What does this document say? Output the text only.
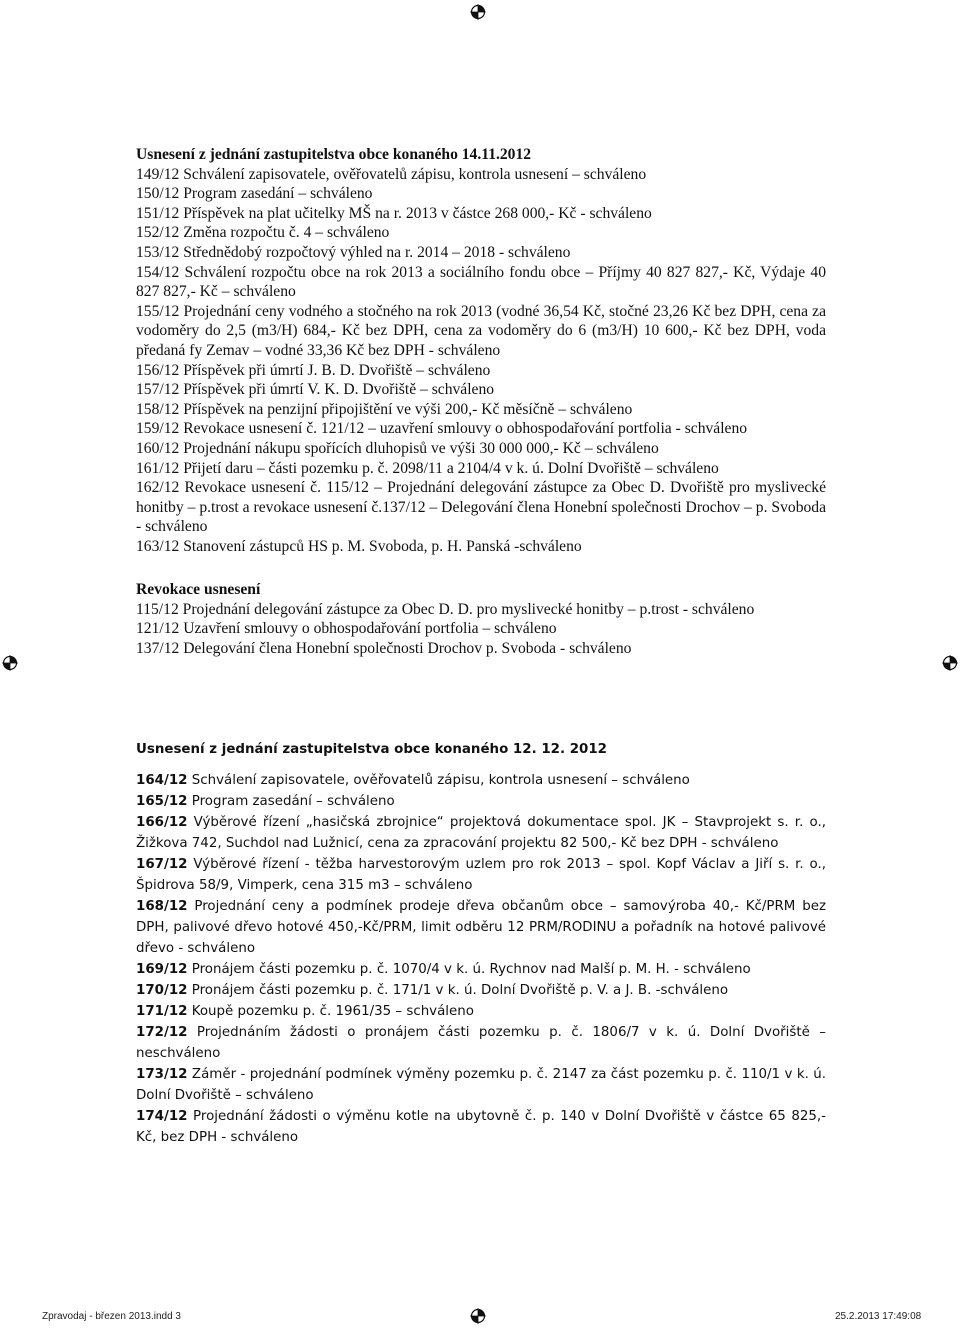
Usnesení z jednání zastupitelstva obce konaného 14.11.2012
149/12 Schválení zapisovatele, ověřovatelů zápisu, kontrola usnesení – schváleno
150/12 Program zasedání – schváleno
151/12 Příspěvek na plat učitelky MŠ na r. 2013 v částce 268 000,- Kč - schváleno
152/12 Změna rozpočtu č. 4 – schváleno
153/12 Střednědobý rozpočtový výhled na r. 2014 – 2018 - schváleno
154/12 Schválení rozpočtu obce na rok 2013 a sociálního fondu obce – Příjmy 40 827 827,- Kč, Výdaje 40 827 827,- Kč – schváleno
155/12 Projednání ceny vodného a stočného na rok 2013 (vodné 36,54 Kč, stočné 23,26 Kč bez DPH, cena za vodoměry do 2,5 (m3/H) 684,- Kč bez DPH, cena za vodoměry do 6 (m3/H) 10 600,- Kč bez DPH, voda předaná fy Zemav – vodné 33,36 Kč bez DPH - schváleno
156/12 Příspěvek při úmrtí J. B. D. Dvořiště – schváleno
157/12 Příspěvek při úmrtí V. K. D. Dvořiště – schváleno
158/12 Příspěvek na penzijní připojištění ve výši 200,- Kč měsíčně – schváleno
159/12 Revokace usnesení č. 121/12 – uzavření smlouvy o obhospodařování portfolia - schváleno
160/12 Projednání nákupu spořících dluhopisů ve výši 30 000 000,- Kč – schváleno
161/12 Přijetí daru – části pozemku p. č. 2098/11 a 2104/4 v k. ú. Dolní Dvořiště – schváleno
162/12 Revokace usnesení č. 115/12 – Projednání delegování zástupce za Obec D. Dvořiště pro myslivecké honitby – p.trost a revokace usnesení č.137/12 – Delegování člena Honební společnosti Drochov – p. Svoboda - schváleno
163/12 Stanovení zástupců HS p. M. Svoboda, p. H. Panská -schváleno
Revokace usnesení
115/12 Projednání delegování zástupce za Obec D. D. pro myslivecké honitby – p.trost - schváleno
121/12 Uzavření smlouvy o obhospodařování portfolia – schváleno
137/12 Delegování člena Honební společnosti Drochov p. Svoboda - schváleno
Usnesení z jednání zastupitelstva obce konaného 12. 12. 2012
164/12 Schválení zapisovatele, ověřovatelů zápisu, kontrola usnesení – schváleno
165/12 Program zasedání – schváleno
166/12 Výběrové řízení „hasičská zbrojnice“ projektová dokumentace spol. JK – Stavprojekt s. r. o., Žižkova 742, Suchdol nad Lužnicí, cena za zpracování projektu 82 500,- Kč bez DPH - schváleno
167/12 Výběrové řízení - těžba harvestorovým uzlem pro rok 2013 – spol. Kopf Václav a Jiří s. r. o., Špidrova 58/9, Vimperk, cena 315 m3 – schváleno
168/12 Projednání ceny a podmínek prodeje dřeva občanům obce – samovýroba 40,- Kč/PRM bez DPH, palivové dřevo hotové 450,-Kč/PRM, limit odběru 12 PRM/RODINU a pořadník na hotové palivové dřevo - schváleno
169/12 Pronájem části pozemku p. č. 1070/4 v k. ú. Rychnov nad Malší p. M. H. - schváleno
170/12 Pronájem části pozemku p. č. 171/1 v k. ú. Dolní Dvořiště p. V. a J. B. -schváleno
171/12 Koupě pozemku p. č. 1961/35 – schváleno
172/12 Projednáním žádosti o pronájem části pozemku p. č. 1806/7 v k. ú. Dolní Dvořiště – neschváleno
173/12 Záměr - projednání podmínek výměny pozemku p. č. 2147 za část pozemku p. č. 110/1 v k. ú. Dolní Dvořiště – schváleno
174/12 Projednání žádosti o výměnu kotle na ubytovně č. p. 140 v Dolní Dvořiště v částce 65 825,- Kč, bez DPH - schváleno
Zpravodaj - březen 2013.indd 3	25.2.2013 17:49:08
